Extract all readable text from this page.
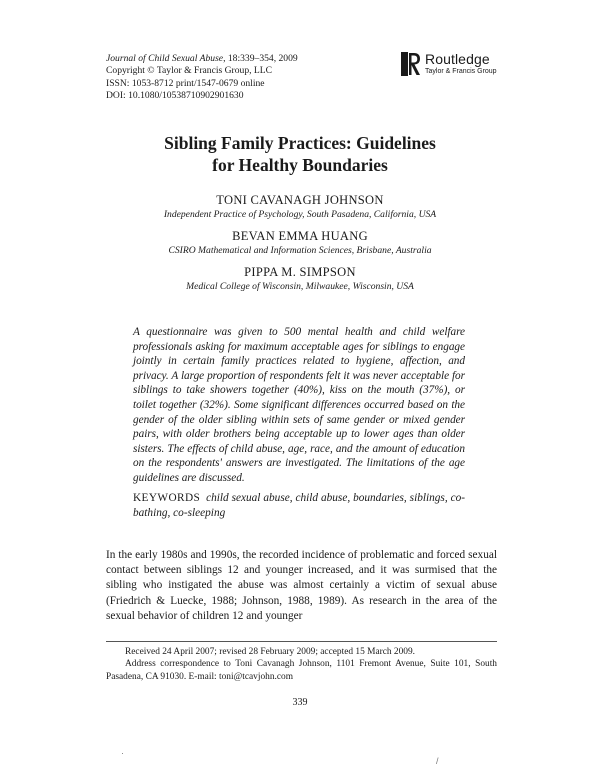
Journal of Child Sexual Abuse, 18:339–354, 2009
Copyright © Taylor & Francis Group, LLC
ISSN: 1053-8712 print/1547-0679 online
DOI: 10.1080/10538710902901630
Routledge
Taylor & Francis Group
Sibling Family Practices: Guidelines
for Healthy Boundaries
TONI CAVANAGH JOHNSON
Independent Practice of Psychology, South Pasadena, California, USA
BEVAN EMMA HUANG
CSIRO Mathematical and Information Sciences, Brisbane, Australia
PIPPA M. SIMPSON
Medical College of Wisconsin, Milwaukee, Wisconsin, USA
A questionnaire was given to 500 mental health and child welfare professionals asking for maximum acceptable ages for siblings to engage jointly in certain family practices related to hygiene, affection, and privacy. A large proportion of respondents felt it was never acceptable for siblings to take showers together (40%), kiss on the mouth (37%), or toilet together (32%). Some significant differences occurred based on the gender of the older sibling within sets of same gender or mixed gender pairs, with older brothers being acceptable up to lower ages than older sisters. The effects of child abuse, age, race, and the amount of education on the respondents' answers are investigated. The limitations of the age guidelines are discussed.
KEYWORDS child sexual abuse, child abuse, boundaries, siblings, co-bathing, co-sleeping
In the early 1980s and 1990s, the recorded incidence of problematic and forced sexual contact between siblings 12 and younger increased, and it was surmised that the sibling who instigated the abuse was almost certainly a victim of sexual abuse (Friedrich & Luecke, 1988; Johnson, 1988, 1989). As research in the area of the sexual behavior of children 12 and younger

Received 24 April 2007; revised 28 February 2009; accepted 15 March 2009.

Address correspondence to Toni Cavanagh Johnson, 1101 Fremont Avenue, Suite 101, South Pasadena, CA 91030. E-mail: toni@tcavjohn.com

339
·
/
